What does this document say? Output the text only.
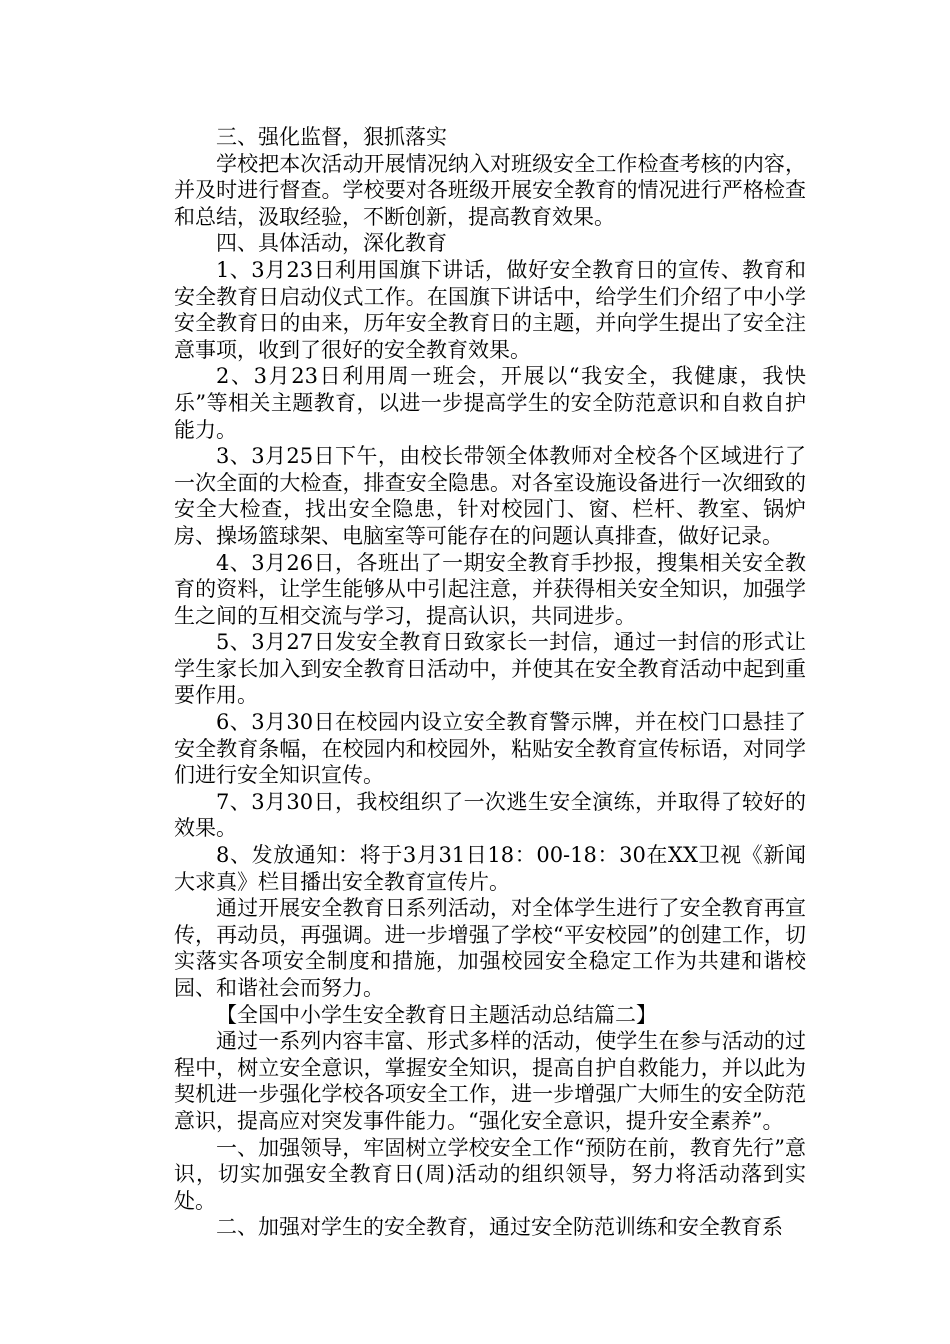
三、强化监督，狠抓落实

学校把本次活动开展情况纳入对班级安全工作检查考核的内容，并及时进行督查。学校要对各班级开展安全教育的情况进行严格检查和总结，汲取经验，不断创新，提高教育效果。

四、具体活动，深化教育

1、3月23日利用国旗下讲话，做好安全教育日的宣传、教育和安全教育日启动仪式工作。在国旗下讲话中，给学生们介绍了中小学安全教育日的由来，历年安全教育日的主题，并向学生提出了安全注意事项，收到了很好的安全教育效果。

2、3月23日利用周一班会，开展以“我安全，我健康，我快乐”等相关主题教育，以进一步提高学生的安全防范意识和自救自护能力。

3、3月25日下午，由校长带领全体教师对全校各个区域进行了一次全面的大检查，排查安全隐患。对各室设施设备进行一次细致的安全大检查，找出安全隐患，针对校园门、窗、栏杆、教室、锅炉房、操场篮球架、电脑室等可能存在的问题认真排查，做好记录。

4、3月26日，各班出了一期安全教育手抄报，搜集相关安全教育的资料，让学生能够从中引起注意，并获得相关安全知识，加强学生之间的互相交流与学习，提高认识，共同进步。

5、3月27日发安全教育日致家长一封信，通过一封信的形式让学生家长加入到安全教育日活动中，并使其在安全教育活动中起到重要作用。

6、3月30日在校园内设立安全教育警示牌，并在校门口悬挂了安全教育条幅，在校园内和校园外，粘贴安全教育宣传标语，对同学们进行安全知识宣传。

7、3月30日，我校组织了一次逃生安全演练，并取得了较好的效果。

8、发放通知：将于3月31日18：00-18：30在XX卫视《新闻大求真》栏目播出安全教育宣传片。

通过开展安全教育日系列活动，对全体学生进行了安全教育再宣传，再动员，再强调。进一步增强了学校“平安校园”的创建工作，切实落实各项安全制度和措施，加强校园安全稳定工作为共建和谐校园、和谐社会而努力。

【全国中小学生安全教育日主题活动总结篇二】

通过一系列内容丰富、形式多样的活动，使学生在参与活动的过程中，树立安全意识，掌握安全知识，提高自护自救能力，并以此为契机进一步强化学校各项安全工作，进一步增强广大师生的安全防范意识，提高应对突发事件能力。“强化安全意识，提升安全素养”。

一、加强领导，牢固树立学校安全工作“预防在前，教育先行”意识，切实加强安全教育日(周)活动的组织领导，努力将活动落到实处。

二、加强对学生的安全教育，通过安全防范训练和安全教育系
